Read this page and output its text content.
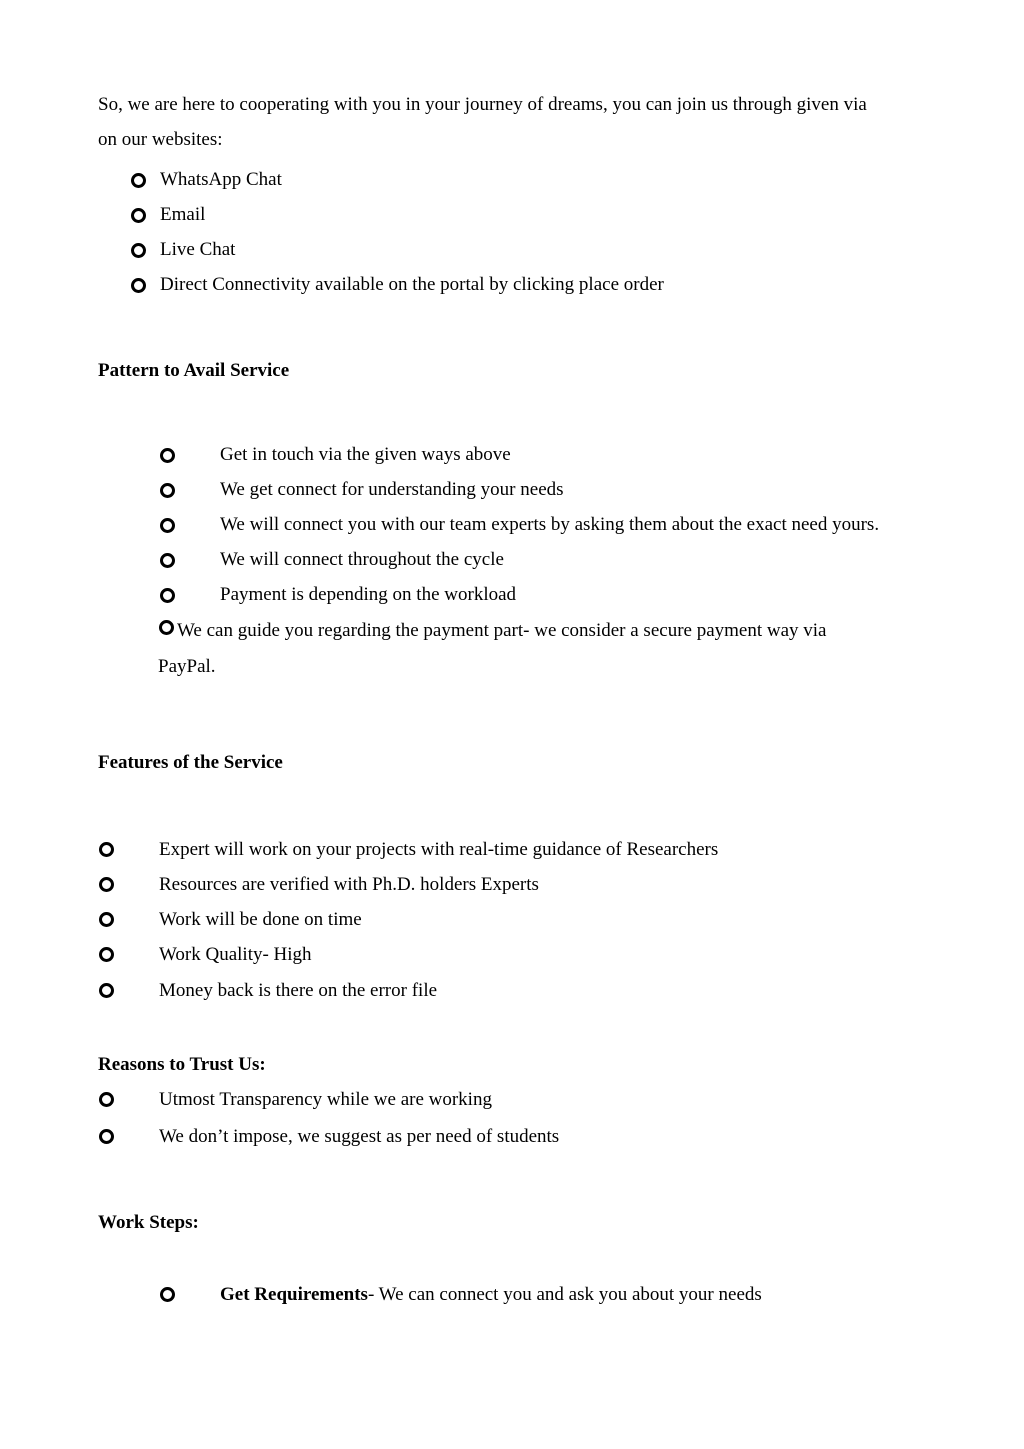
So, we are here to cooperating with you in your journey of dreams, you can join us through given via
on our websites:
WhatsApp Chat
Email
Live Chat
Direct Connectivity available on the portal by clicking place order
Pattern to Avail Service
Get in touch via the given ways above
We get connect for understanding your needs
We will connect you with our team experts by asking them about the exact need yours.
We will connect throughout the cycle
Payment is depending on the workload
We can guide you regarding the payment part- we consider a secure payment way via
PayPal.
Features of the Service
Expert will work on your projects with real-time guidance of Researchers
Resources are verified with Ph.D. holders Experts
Work will be done on time
Work Quality- High
Money back is there on the error file
Reasons to Trust Us:
Utmost Transparency while we are working
We don’t impose, we suggest as per need of students
Work Steps:
Get Requirements- We can connect you and ask you about your needs
